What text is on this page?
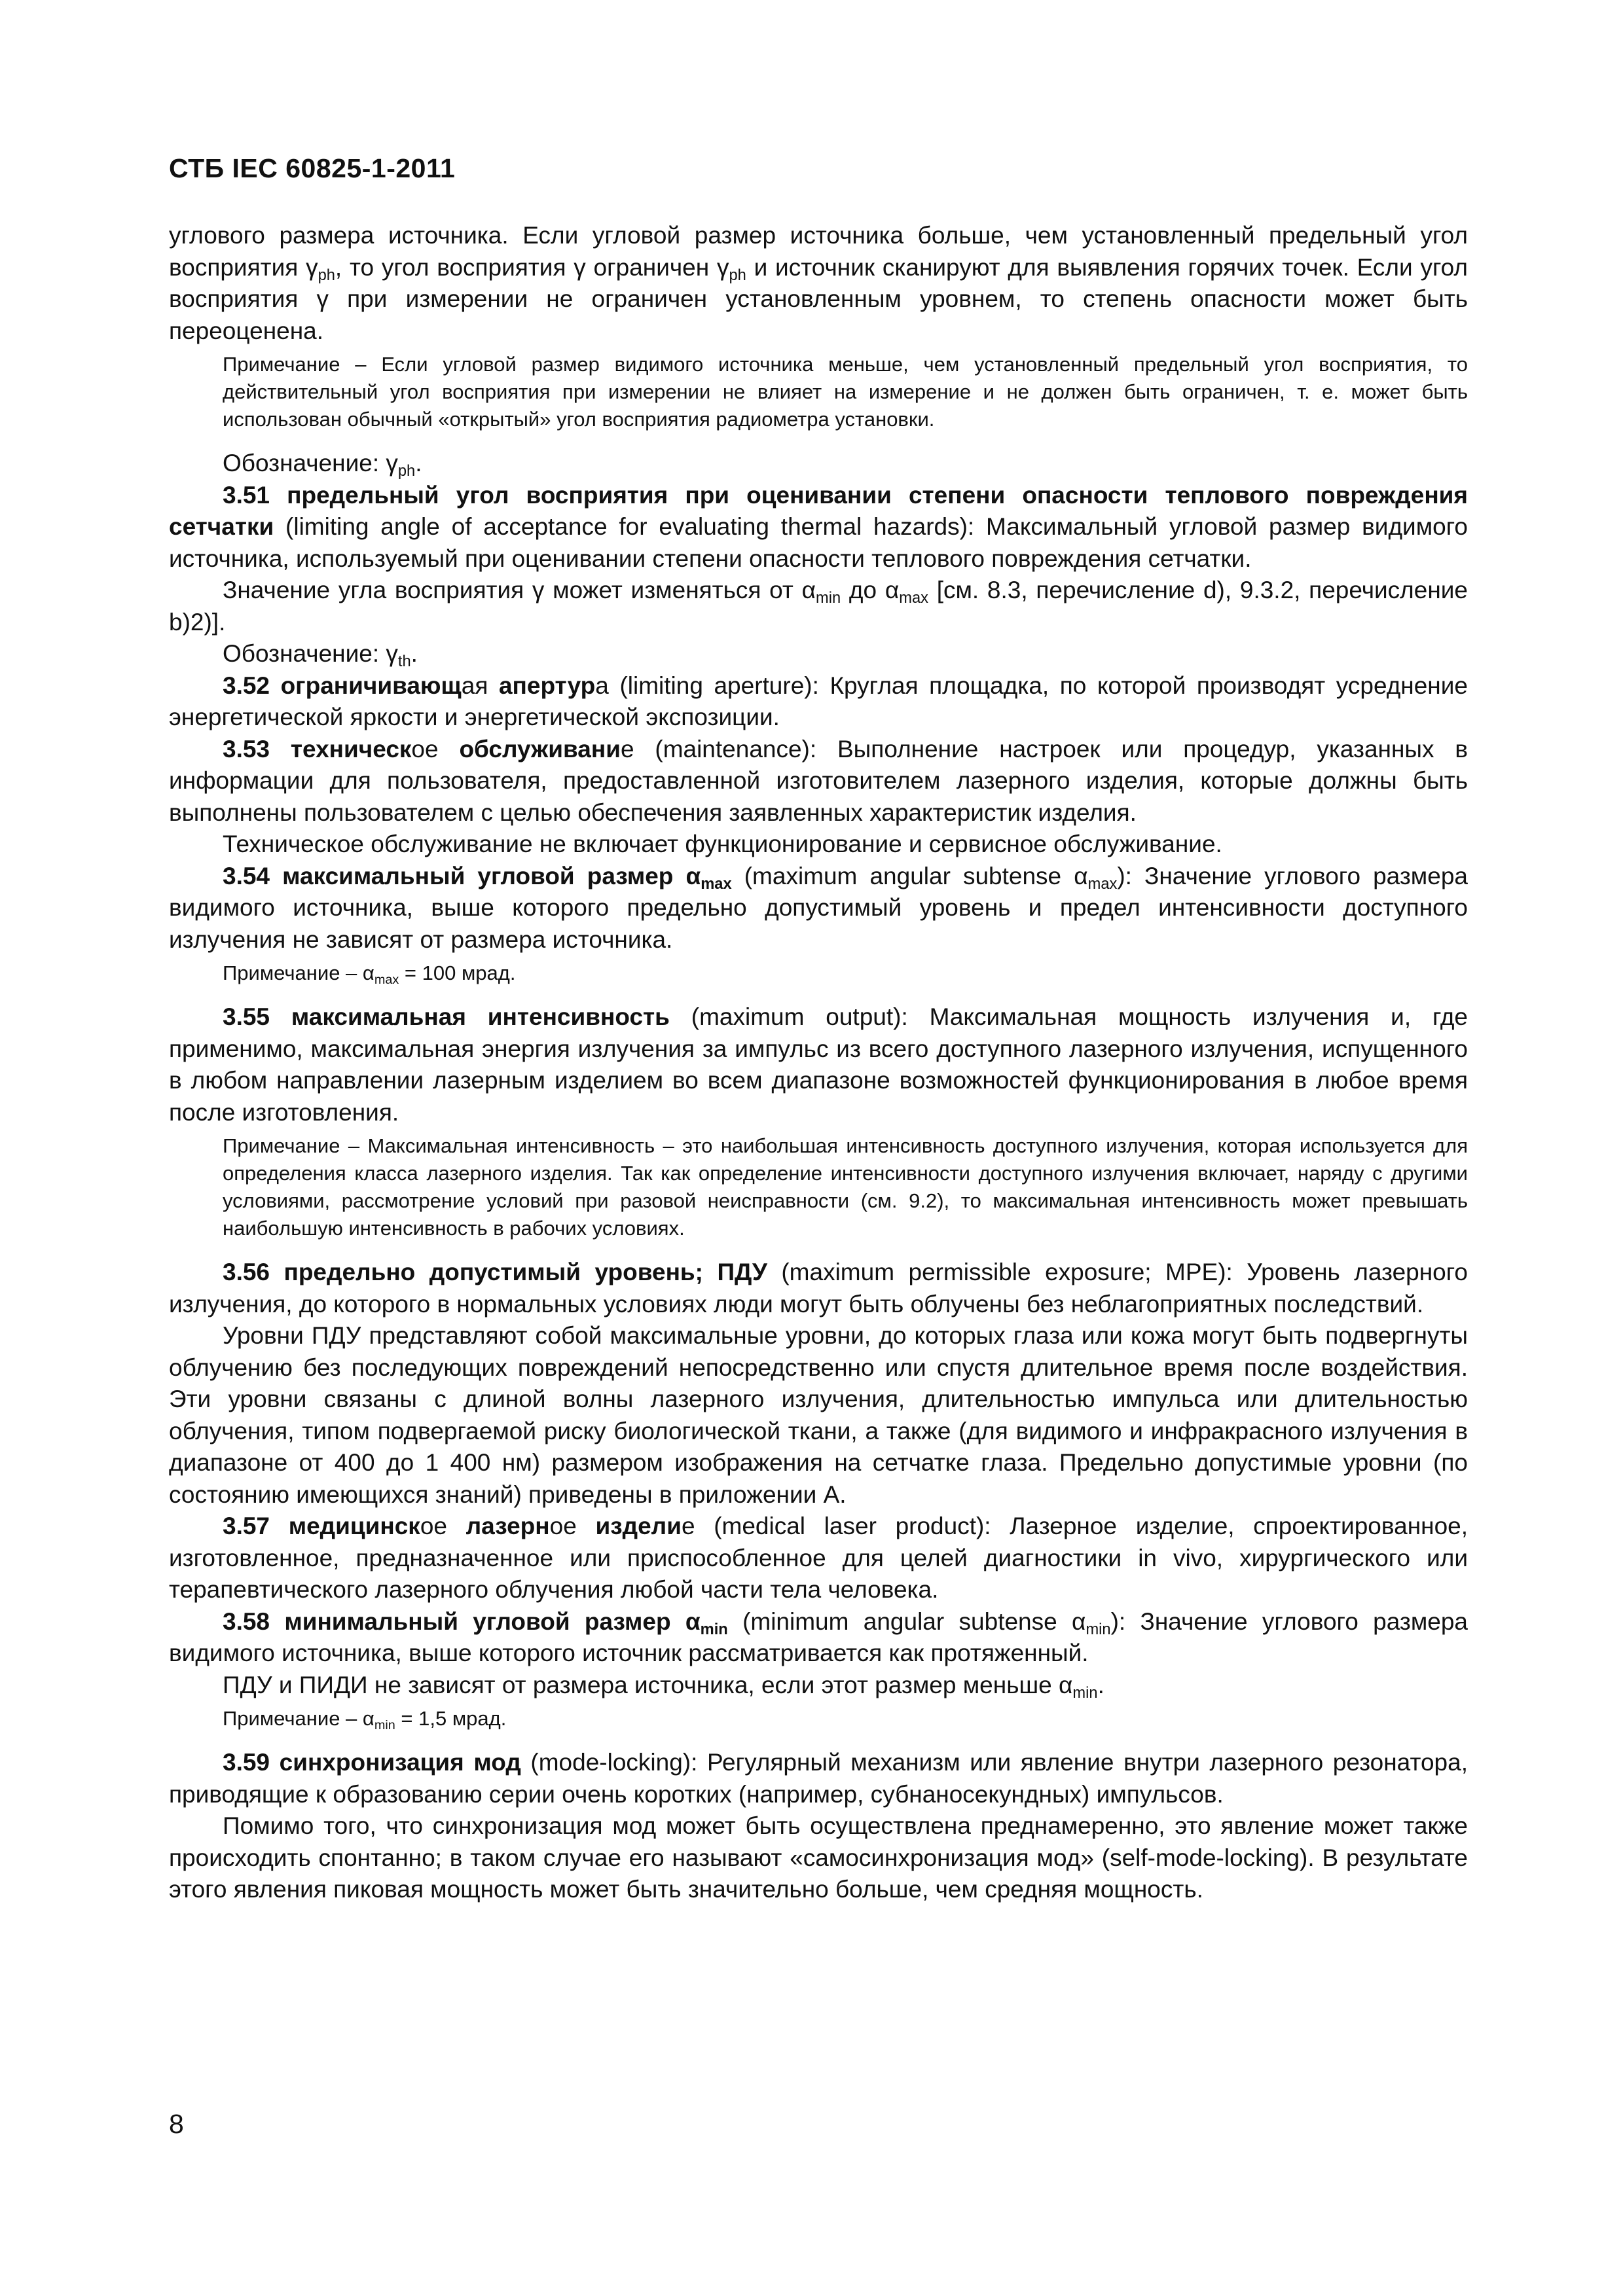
СТБ IEC 60825-1-2011

углового размера источника. Если угловой размер источника больше, чем установленный предельный угол восприятия $\gamma_{ph}$, то угол восприятия γ ограничен $\gamma_{ph}$ и источник сканируют для выявления горячих точек. Если угол восприятия γ при измерении не ограничен установленным уровнем, то степень опасности может быть переоценена.

Примечание – Если угловой размер видимого источника меньше, чем установленный предельный угол восприятия, то действительный угол восприятия при измерении не влияет на измерение и не должен быть ограничен, т. е. может быть использован обычный «открытый» угол восприятия радиометра установки.

Обозначение: $\gamma_{ph}$.

3.51 предельный угол восприятия при оценивании степени опасности теплового повреждения сетчатки (limiting angle of acceptance for evaluating thermal hazards): Максимальный угловой размер видимого источника, используемый при оценивании степени опасности теплового повреждения сетчатки.

Значение угла восприятия γ может изменяться от $\alpha_{min}$ до $\alpha_{max}$ [см. 8.3, перечисление d), 9.3.2, перечисление b)2)].

Обозначение: $\gamma_{th}$.

3.52 ограничивающая апертура (limiting aperture): Круглая площадка, по которой производят усреднение энергетической яркости и энергетической экспозиции.

3.53 техническое обслуживание (maintenance): Выполнение настроек или процедур, указанных в информации для пользователя, предоставленной изготовителем лазерного изделия, которые должны быть выполнены пользователем с целью обеспечения заявленных характеристик изделия.

Техническое обслуживание не включает функционирование и сервисное обслуживание.

3.54 максимальный угловой размер $\alpha_{max}$ (maximum angular subtense $\alpha_{max}$): Значение углового размера видимого источника, выше которого предельно допустимый уровень и предел интенсивности доступного излучения не зависят от размера источника.

Примечание – $\alpha_{max} = 100$ мрад.

3.55 максимальная интенсивность (maximum output): Максимальная мощность излучения и, где применимо, максимальная энергия излучения за импульс из всего доступного лазерного излучения, испущенного в любом направлении лазерным изделием во всем диапазоне возможностей функционирования в любое время после изготовления.

Примечание – Максимальная интенсивность – это наибольшая интенсивность доступного излучения, которая используется для определения класса лазерного изделия. Так как определение интенсивности доступного излучения включает, наряду с другими условиями, рассмотрение условий при разовой неисправности (см. 9.2), то максимальная интенсивность может превышать наибольшую интенсивность в рабочих условиях.

3.56 предельно допустимый уровень; ПДУ (maximum permissible exposure; MPE): Уровень лазерного излучения, до которого в нормальных условиях люди могут быть облучены без неблагоприятных последствий.

Уровни ПДУ представляют собой максимальные уровни, до которых глаза или кожа могут быть подвергнуты облучению без последующих повреждений непосредственно или спустя длительное время после воздействия. Эти уровни связаны с длиной волны лазерного излучения, длительностью импульса или длительностью облучения, типом подвергаемой риску биологической ткани, а также (для видимого и инфракрасного излучения в диапазоне от 400 до 1 400 нм) размером изображения на сетчатке глаза. Предельно допустимые уровни (по состоянию имеющихся знаний) приведены в приложении А.

3.57 медицинское лазерное изделие (medical laser product): Лазерное изделие, спроектированное, изготовленное, предназначенное или приспособленное для целей диагностики in vivo, хирургического или терапевтического лазерного облучения любой части тела человека.

3.58 минимальный угловой размер $\alpha_{min}$ (minimum angular subtense $\alpha_{min}$): Значение углового размера видимого источника, выше которого источник рассматривается как протяженный.

ПДУ и ПИДИ не зависят от размера источника, если этот размер меньше $\alpha_{min}$.

Примечание – $\alpha_{min} = 1,5$ мрад.

3.59 синхронизация мод (mode-locking): Регулярный механизм или явление внутри лазерного резонатора, приводящие к образованию серии очень коротких (например, субнаносекундных) импульсов.

Помимо того, что синхронизация мод может быть осуществлена преднамеренно, это явление может также происходить спонтанно; в таком случае его называют «самосинхронизация мод» (self-mode-locking). В результате этого явления пиковая мощность может быть значительно больше, чем средняя мощность.

8
